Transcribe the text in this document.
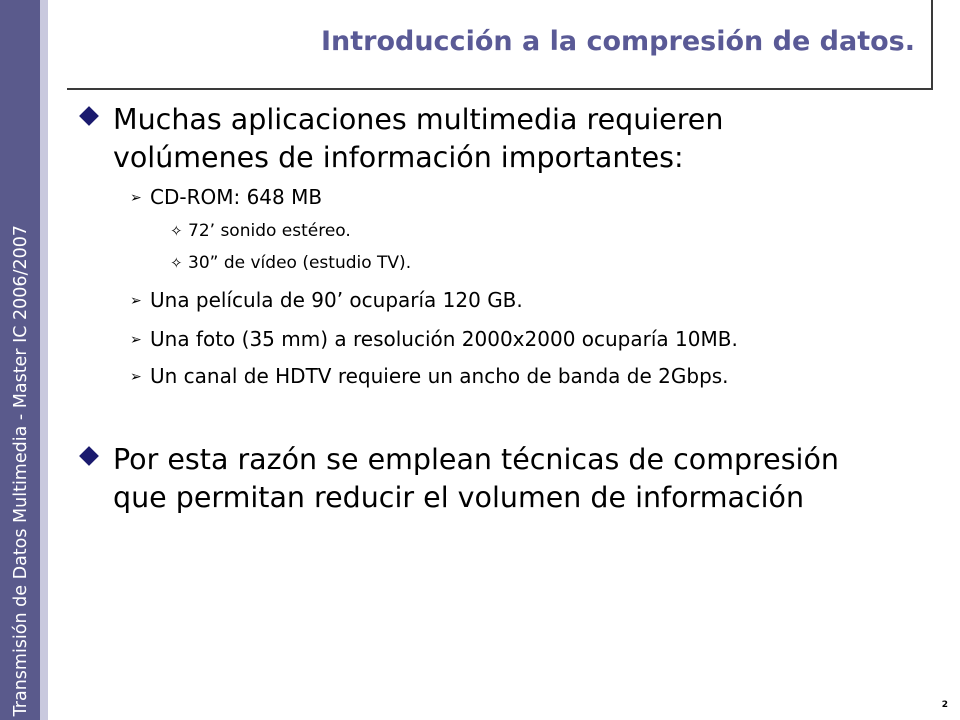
Transmisión de Datos Multimedia - Master IC 2006/2007
Introducción a la compresión de datos.
Muchas aplicaciones multimedia requieren volúmenes de información importantes:
➢ CD-ROM: 648 MB
✧ 72’ sonido estéreo.
✧ 30” de vídeo (estudio TV).
➢ Una película de 90’ ocuparía 120 GB.
➢ Una foto (35 mm) a resolución 2000x2000 ocuparía 10MB.
➢ Un canal de HDTV requiere un ancho de banda de 2Gbps.
Por esta razón se emplean técnicas de compresión que permitan reducir el volumen de información
2
